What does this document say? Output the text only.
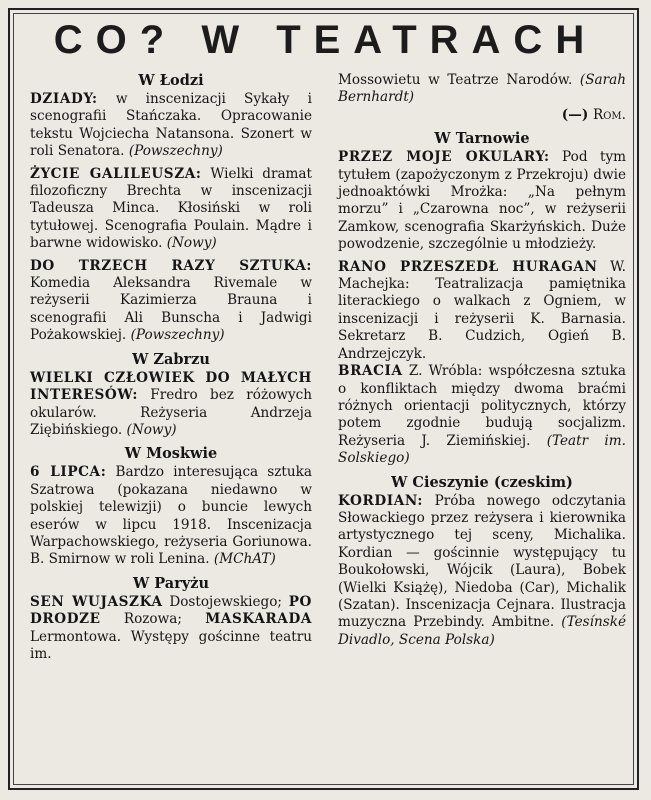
CO? W TEATRACH
W Łodzi

DZIADY: w inscenizacji Sykały i scenografii Stańczaka. Opracowanie tekstu Wojciecha Natansona. Szonert w roli Senatora. (Powszechny)

ŻYCIE GALILEUSZA: Wielki dramat filozoficzny Brechta w inscenizacji Tadeusza Minca. Kłosiński w roli tytułowej. Scenografia Poulain. Mądre i barwne widowisko. (Nowy)

DO TRZECH RAZY SZTUKA: Komedia Aleksandra Rivemale w reżyserii Kazimierza Brauna i scenografii Ali Bunscha i Jadwigi Pożakowskiej. (Powszechny)

W Zabrzu

WIELKI CZŁOWIEK DO MAŁYCH INTERESÓW: Fredro bez różowych okularów. Reżyseria Andrzeja Ziębińskiego. (Nowy)

W Moskwie

6 LIPCA: Bardzo interesująca sztuka Szatrowa (pokazana niedawno w polskiej telewizji) o buncie lewych eserów w lipcu 1918. Inscenizacja Warpachowskiego, reżyseria Goriunowa. B. Smirnow w roli Lenina. (MChAT)

W Paryżu

SEN WUJASZKA Dostojewskiego; PO DRODZE Rozowa; MASKARADA Lermontowa. Występy gościnne teatru im.

Mossowietu w Teatrze Narodów. (Sarah Bernhardt)

(—) Rom.

W Tarnowie

PRZEZ MOJE OKULARY: Pod tym tytułem (zapożyczonym z Przekroju) dwie jednoaktówki Mrożka: „Na pełnym morzu” i „Czarowna noc”, w reżyserii Zamkow, scenografia Skarżyńskich. Duże powodzenie, szczególnie u młodzieży.

RANO PRZESZEDŁ HURAGAN W. Machejka: Teatralizacja pamiętnika literackiego o walkach z Ogniem, w inscenizacji i reżyserii K. Barnasia. Sekretarz B. Cudzich, Ogień B. Andrzejczyk.

BRACIA Z. Wróbla: współczesna sztuka o konfliktach między dwoma braćmi różnych orientacji politycznych, którzy potem zgodnie budują socjalizm. Reżyseria J. Ziemińskiej. (Teatr im. Solskiego)

W Cieszynie (czeskim)

KORDIAN: Próba nowego odczytania Słowackiego przez reżysera i kierownika artystycznego tej sceny, Michalika. Kordian — gościnnie występujący tu Boukołowski, Wójcik (Laura), Bobek (Wielki Książę), Niedoba (Car), Michalik (Szatan). Inscenizacja Cejnara. Ilustracja muzyczna Przebindy. Ambitne. (Tesínské Divadlo, Scena Polska)
